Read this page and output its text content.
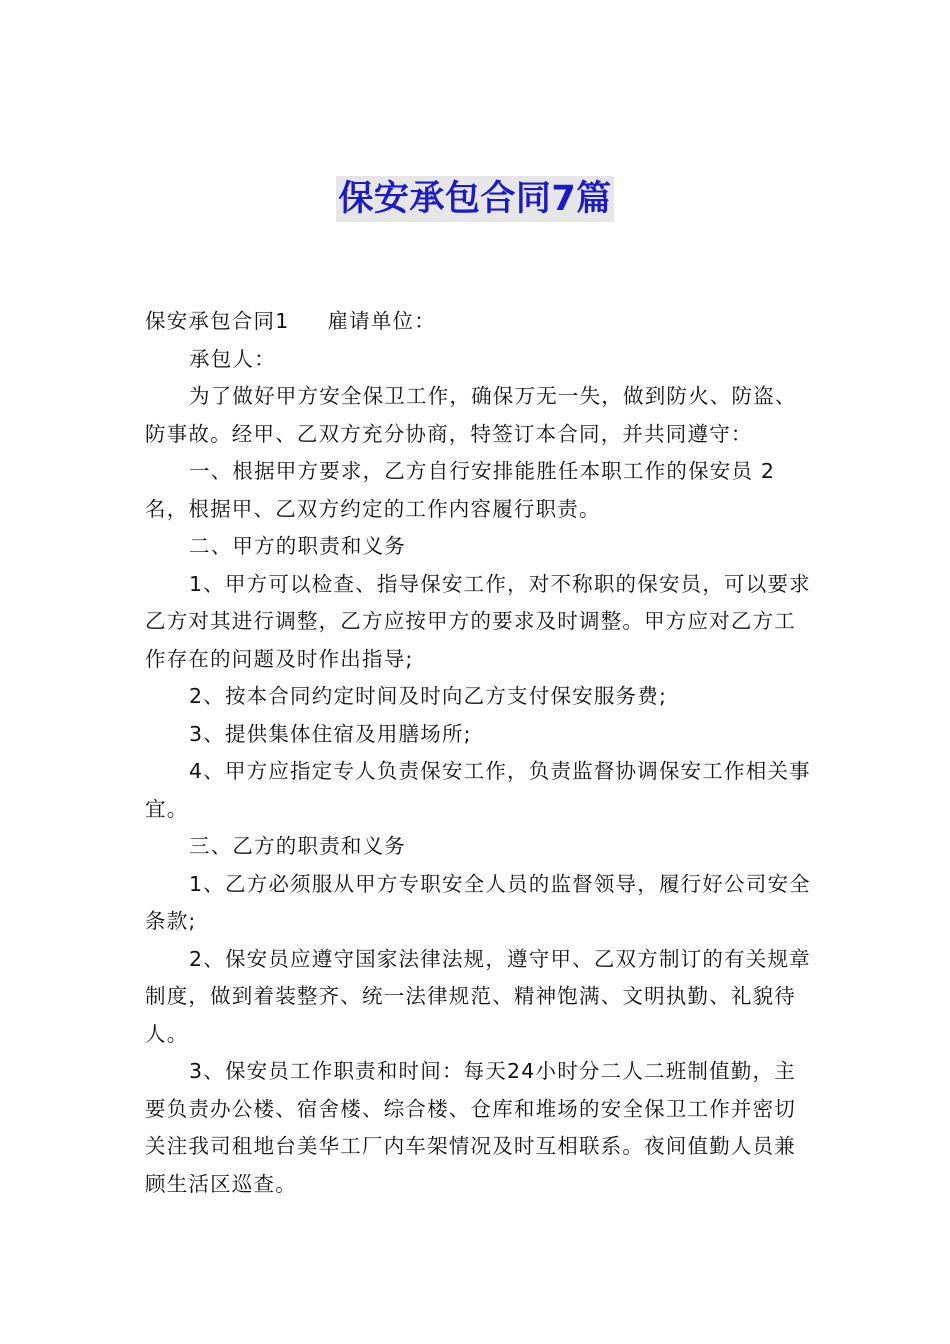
保安承包合同7篇

保安承包合同1 雇请单位：

承包人：

为了做好甲方安全保卫工作，确保万无一失，做到防火、防盗、防事故。经甲、乙双方充分协商，特签订本合同，并共同遵守：

一、根据甲方要求，乙方自行安排能胜任本职工作的保安员 2 名，根据甲、乙双方约定的工作内容履行职责。

二、甲方的职责和义务

1、甲方可以检查、指导保安工作，对不称职的保安员，可以要求乙方对其进行调整，乙方应按甲方的要求及时调整。甲方应对乙方工作存在的问题及时作出指导;

2、按本合同约定时间及时向乙方支付保安服务费;

3、提供集体住宿及用膳场所;

4、甲方应指定专人负责保安工作，负责监督协调保安工作相关事宜。

三、乙方的职责和义务

1、乙方必须服从甲方专职安全人员的监督领导，履行好公司安全条款;

2、保安员应遵守国家法律法规，遵守甲、乙双方制订的有关规章制度，做到着装整齐、统一法律规范、精神饱满、文明执勤、礼貌待人。

3、保安员工作职责和时间：每天24小时分二人二班制值勤，主要负责办公楼、宿舍楼、综合楼、仓库和堆场的安全保卫工作并密切关注我司租地台美华工厂内车架情况及时互相联系。夜间值勤人员兼顾生活区巡查。
